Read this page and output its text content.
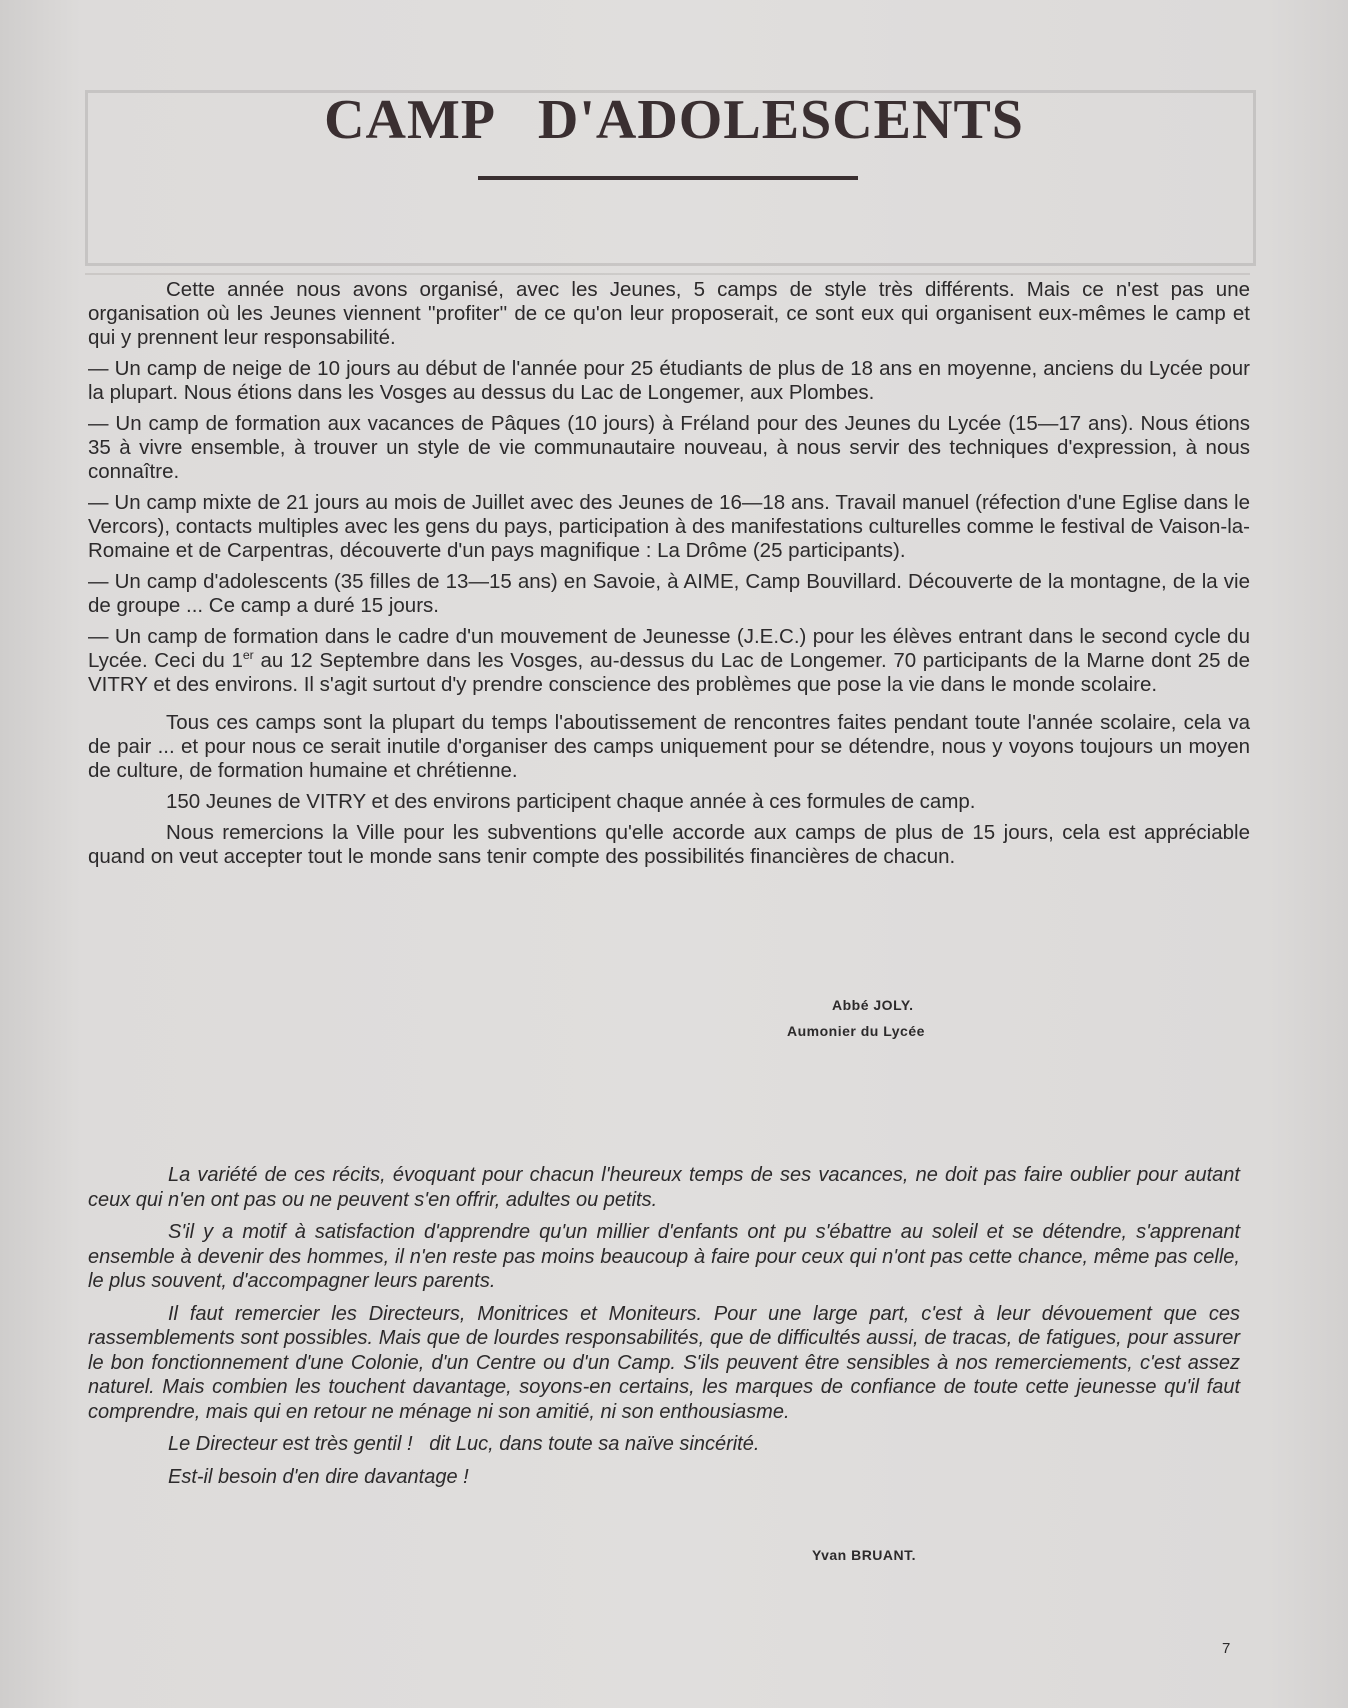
CAMP D'ADOLESCENTS

Cette année nous avons organisé, avec les Jeunes, 5 camps de style très différents. Mais ce n'est pas une organisation où les Jeunes viennent ''profiter'' de ce qu'on leur proposerait, ce sont eux qui organisent eux-mêmes le camp et qui y prennent leur responsabilité.

— Un camp de neige de 10 jours au début de l'année pour 25 étudiants de plus de 18 ans en moyenne, anciens du Lycée pour la plupart. Nous étions dans les Vosges au dessus du Lac de Longemer, aux Plombes.

— Un camp de formation aux vacances de Pâques (10 jours) à Fréland pour des Jeunes du Lycée (15—17 ans). Nous étions 35 à vivre ensemble, à trouver un style de vie communautaire nouveau, à nous servir des techniques d'expression, à nous connaître.

— Un camp mixte de 21 jours au mois de Juillet avec des Jeunes de 16—18 ans. Travail manuel (réfection d'une Eglise dans le Vercors), contacts multiples avec les gens du pays, participation à des manifestations culturelles comme le festival de Vaison-la-Romaine et de Carpentras, découverte d'un pays magnifique : La Drôme (25 participants).

— Un camp d'adolescents (35 filles de 13—15 ans) en Savoie, à AIME, Camp Bouvillard. Découverte de la montagne, de la vie de groupe ... Ce camp a duré 15 jours.

— Un camp de formation dans le cadre d'un mouvement de Jeunesse (J.E.C.) pour les élèves entrant dans le second cycle du Lycée. Ceci du 1er au 12 Septembre dans les Vosges, au-dessus du Lac de Longemer. 70 participants de la Marne dont 25 de VITRY et des environs. Il s'agit surtout d'y prendre conscience des problèmes que pose la vie dans le monde scolaire.

Tous ces camps sont la plupart du temps l'aboutissement de rencontres faites pendant toute l'année scolaire, cela va de pair ... et pour nous ce serait inutile d'organiser des camps uniquement pour se détendre, nous y voyons toujours un moyen de culture, de formation humaine et chrétienne.

150 Jeunes de VITRY et des environs participent chaque année à ces formules de camp.

Nous remercions la Ville pour les subventions qu'elle accorde aux camps de plus de 15 jours, cela est appréciable quand on veut accepter tout le monde sans tenir compte des possibilités financières de chacun.

Abbé JOLY.
Aumonier du Lycée

La variété de ces récits, évoquant pour chacun l'heureux temps de ses vacances, ne doit pas faire oublier pour autant ceux qui n'en ont pas ou ne peuvent s'en offrir, adultes ou petits.

S'il y a motif à satisfaction d'apprendre qu'un millier d'enfants ont pu s'ébattre au soleil et se détendre, s'apprenant ensemble à devenir des hommes, il n'en reste pas moins beaucoup à faire pour ceux qui n'ont pas cette chance, même pas celle, le plus souvent, d'accompagner leurs parents.

Il faut remercier les Directeurs, Monitrices et Moniteurs. Pour une large part, c'est à leur dévouement que ces rassemblements sont possibles. Mais que de lourdes responsabilités, que de difficultés aussi, de tracas, de fatigues, pour assurer le bon fonctionnement d'une Colonie, d'un Centre ou d'un Camp. S'ils peuvent être sensibles à nos remerciements, c'est assez naturel. Mais combien les touchent davantage, soyons-en certains, les marques de confiance de toute cette jeunesse qu'il faut comprendre, mais qui en retour ne ménage ni son amitié, ni son enthousiasme.

Le Directeur est très gentil !   dit Luc, dans toute sa naïve sincérité.

Est-il besoin d'en dire davantage !

Yvan BRUANT.
7
